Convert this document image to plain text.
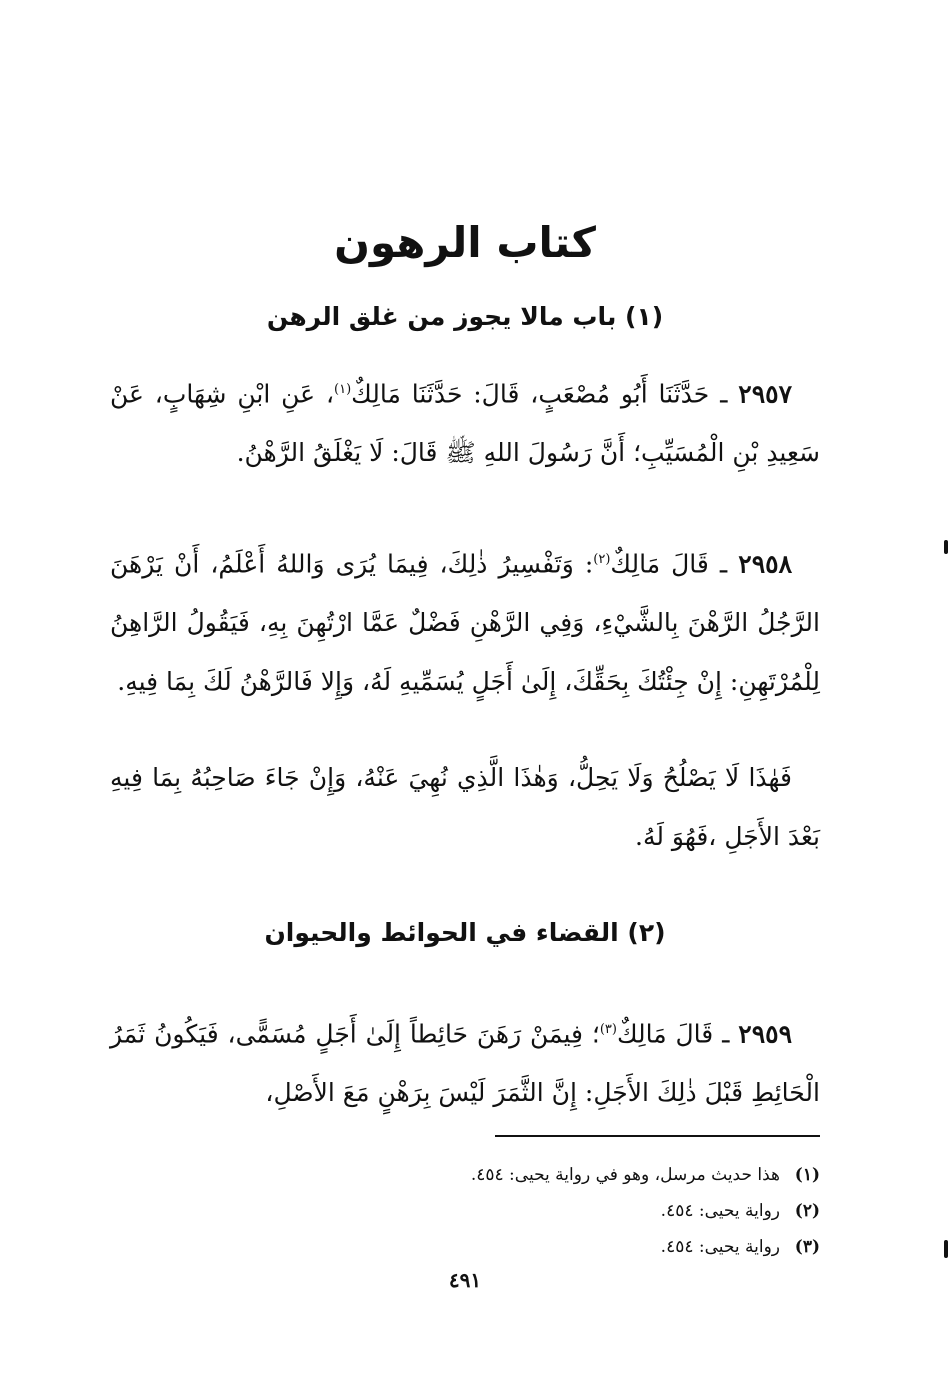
كتاب الرهون
(١) باب مالا يجوز من غلق الرهن

٢٩٥٧ ـ حَدَّثَنَا أَبُو مُصْعَبٍ، قَالَ: حَدَّثَنَا مَالِكٌ$^{(١)}$، عَنِ ابْنِ شِهَابٍ، عَنْ سَعِيدِ بْنِ الْمُسَيِّبِ؛ أَنَّ رَسُولَ اللهِ ﷺ قَالَ: لَا يَغْلَقُ الرَّهْنُ.

٢٩٥٨ ـ قَالَ مَالِكٌ$^{(٢)}$: وَتَفْسِيرُ ذٰلِكَ، فِيمَا يُرَى وَاللهُ أَعْلَمُ، أَنْ يَرْهَنَ الرَّجُلُ الرَّهْنَ بِالشَّيْءِ، وَفِي الرَّهْنِ فَضْلٌ عَمَّا ارْتُهِنَ بِهِ، فَيَقُولُ الرَّاهِنُ لِلْمُرْتَهِنِ: إِنْ جِئْتُكَ بِحَقِّكَ، إِلَىٰ أَجَلٍ يُسَمِّيهِ لَهُ، وَإِلا فَالرَّهْنُ لَكَ بِمَا فِيهِ.

فَهٰذَا لَا يَصْلُحُ وَلَا يَحِلُّ، وَهٰذَا الَّذِي نُهِيَ عَنْهُ، وَإِنْ جَاءَ صَاحِبُهُ بِمَا فِيهِ بَعْدَ الأَجَلِ ،فَهُوَ لَهُ.

(٢) القضاء في الحوائط والحيوان

٢٩٥٩ ـ قَالَ مَالِكٌ$^{(٣)}$؛ فِيمَنْ رَهَنَ حَائِطاً إِلَىٰ أَجَلٍ مُسَمًّى، فَيَكُونُ ثَمَرُ الْحَائِطِ قَبْلَ ذٰلِكَ الأَجَلِ: إِنَّ الثَّمَرَ لَيْسَ بِرَهْنٍ مَعَ الأَصْلِ،

(١)هذا حديث مرسل، وهو في رواية يحيى: ٤٥٤.
(٢)رواية يحيى: ٤٥٤.
(٣)رواية يحيى: ٤٥٤.
٤٩١
